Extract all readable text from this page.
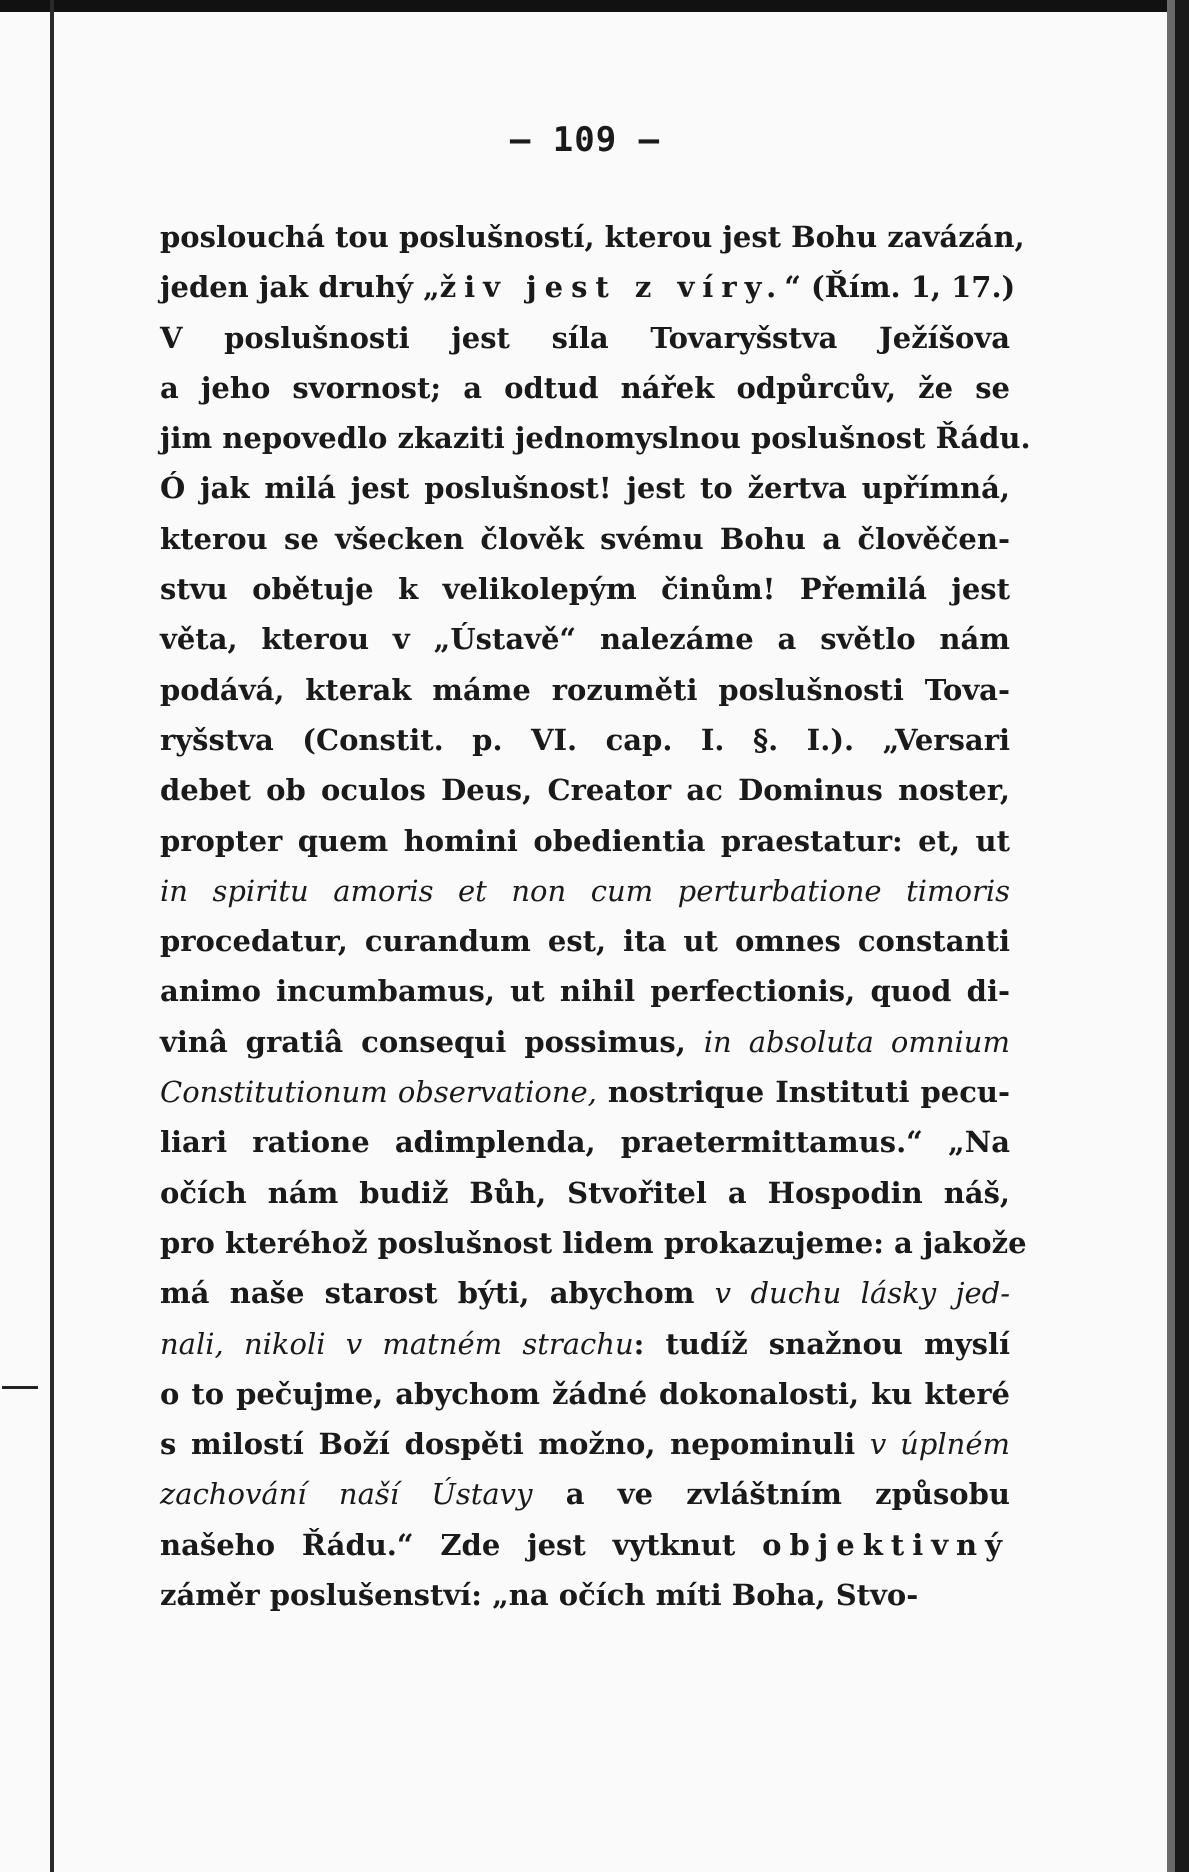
— 109 —
poslouchá tou poslušností, kterou jest Bohu zavázán,
jeden jak druhý „živ jest z víry.“ (Řím. 1, 17.)
V poslušnosti jest síla Tovaryšstva Ježíšova
a jeho svornost; a odtud nářek odpůrcův, že se
jim nepovedlo zkaziti jednomyslnou poslušnost Řádu.
Ó jak milá jest poslušnost! jest to žertva upřímná,
kterou se všecken člověk svému Bohu a člověčen-
stvu obětuje k velikolepým činům! Přemilá jest
věta, kterou v „Ústavě“ nalezáme a světlo nám
podává, kterak máme rozuměti poslušnosti Tova-
ryšstva (Constit. p. VI. cap. I. §. I.). „Versari
debet ob oculos Deus, Creator ac Dominus noster,
propter quem homini obedientia praestatur: et, ut
in spiritu amoris et non cum perturbatione timoris
procedatur, curandum est, ita ut omnes constanti
animo incumbamus, ut nihil perfectionis, quod di-
vinâ gratiâ consequi possimus, in absoluta omnium
Constitutionum observatione, nostrique Instituti pecu-
liari ratione adimplenda, praetermittamus.“ „Na
očích nám budiž Bůh, Stvořitel a Hospodin náš,
pro kteréhož poslušnost lidem prokazujeme: a jakože
má naše starost býti, abychom v duchu lásky jed-
nali, nikoli v matném strachu: tudíž snažnou myslí
o to pečujme, abychom žádné dokonalosti, ku které
s milostí Boží dospěti možno, nepominuli v úplném
zachování naší Ústavy a ve zvláštním způsobu
našeho Řádu.“ Zde jest vytknut objektivný
záměr poslušenství: „na očích míti Boha, Stvo-
